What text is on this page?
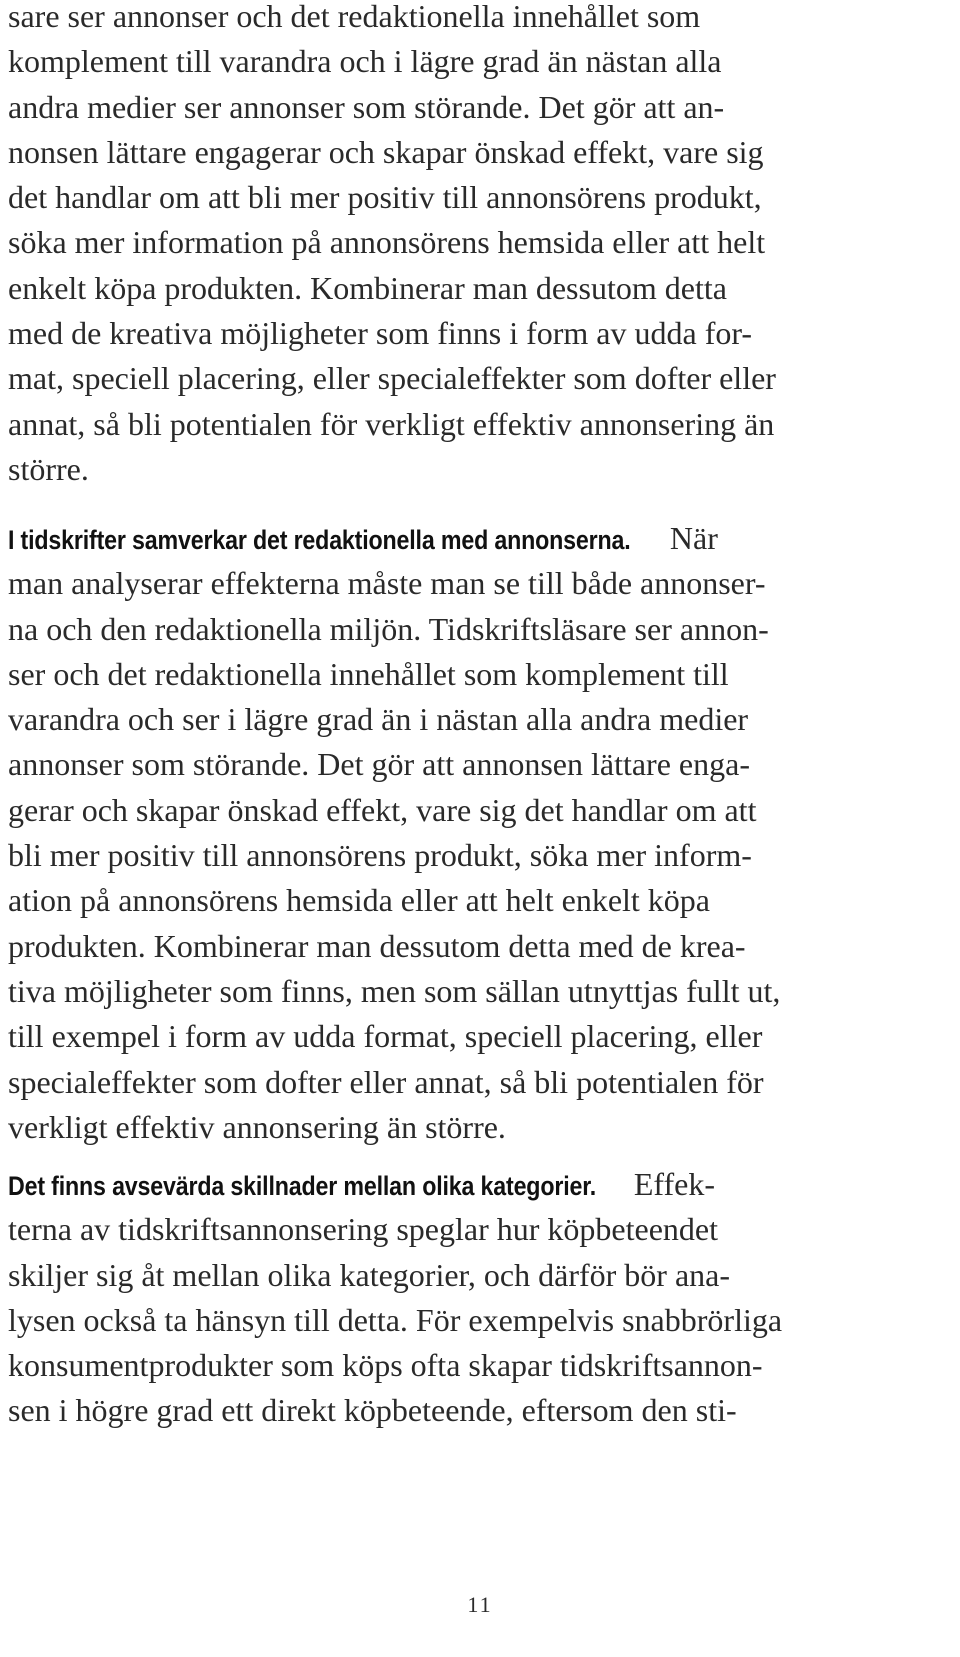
sare ser annonser och det redaktionella innehållet som
komplement till varandra och i lägre grad än nästan alla
andra medier ser annonser som störande. Det gör att an-
nonsen lättare engagerar och skapar önskad effekt, vare sig
det handlar om att bli mer positiv till annonsörens produkt,
söka mer information på annonsörens hemsida eller att helt
enkelt köpa produkten. Kombinerar man dessutom detta
med de kreativa möjligheter som finns i form av udda for-
mat, speciell placering, eller specialeffekter som dofter eller
annat, så bli potentialen för verkligt effektiv annonsering än
större.
I tidskrifter samverkar det redaktionella med annonserna. När
man analyserar effekterna måste man se till både annonser-
na och den redaktionella miljön. Tidskriftsläsare ser annon-
ser och det redaktionella innehållet som komplement till
varandra och ser i lägre grad än i nästan alla andra medier
annonser som störande. Det gör att annonsen lättare enga-
gerar och skapar önskad effekt, vare sig det handlar om att
bli mer positiv till annonsörens produkt, söka mer inform-
ation på annonsörens hemsida eller att helt enkelt köpa
produkten. Kombinerar man dessutom detta med de krea-
tiva möjligheter som finns, men som sällan utnyttjas fullt ut,
till exempel i form av udda format, speciell placering, eller
specialeffekter som dofter eller annat, så bli potentialen för
verkligt effektiv annonsering än större.
Det finns avsevärda skillnader mellan olika kategorier. Effek-
terna av tidskriftsannonsering speglar hur köpbeteendet
skiljer sig åt mellan olika kategorier, och därför bör ana-
lysen också ta hänsyn till detta. För exempelvis snabbrörliga
konsumentprodukter som köps ofta skapar tidskriftsannon-
sen i högre grad ett direkt köpbeteende, eftersom den sti-
11
